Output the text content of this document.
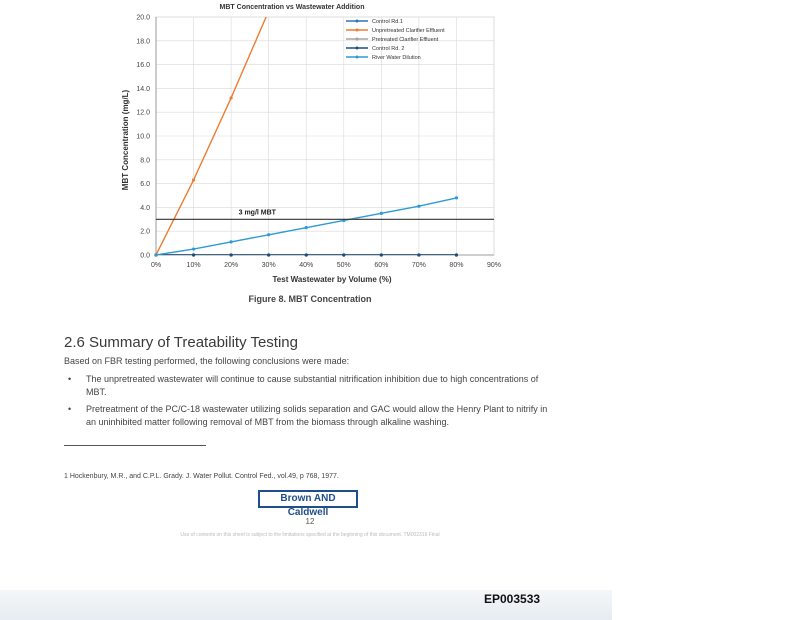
MBT Concentration vs Wastewater Addition
0.0
2.0
4.0
6.0
8.0
10.0
12.0
14.0
16.0
18.0
20.0
0%	10%	20%	30%	40%	50%	60%	70%	80%	90%
MBT Concentration (mg/L)
Test Wastewater by Volume (%)
3 mg/l MBT
Control Rd.1
Unpretreated Clarifier Effluent
Pretreated Clarifier Effluent
Control Rd. 2
River Water Dilution
Figure 8. MBT Concentration
2.6 Summary of Treatability Testing
Based on FBR testing performed, the following conclusions were made:
• The unpretreated wastewater will continue to cause substantial nitrification inhibition due to high concentrations of MBT.
• Pretreatment of the PC/C-18 wastewater utilizing solids separation and GAC would allow the Henry Plant to nitrify in an uninhibited matter following removal of MBT from the biomass through alkaline washing.
1 Hockenbury, M.R., and C.P.L. Grady. J. Water Pollut. Control Fed., vol.49, p 768, 1977.
Brown AND Caldwell
12
Use of contents on this sheet is subject to the limitations specified at the beginning of this document. TM002316 Final
EP003533
